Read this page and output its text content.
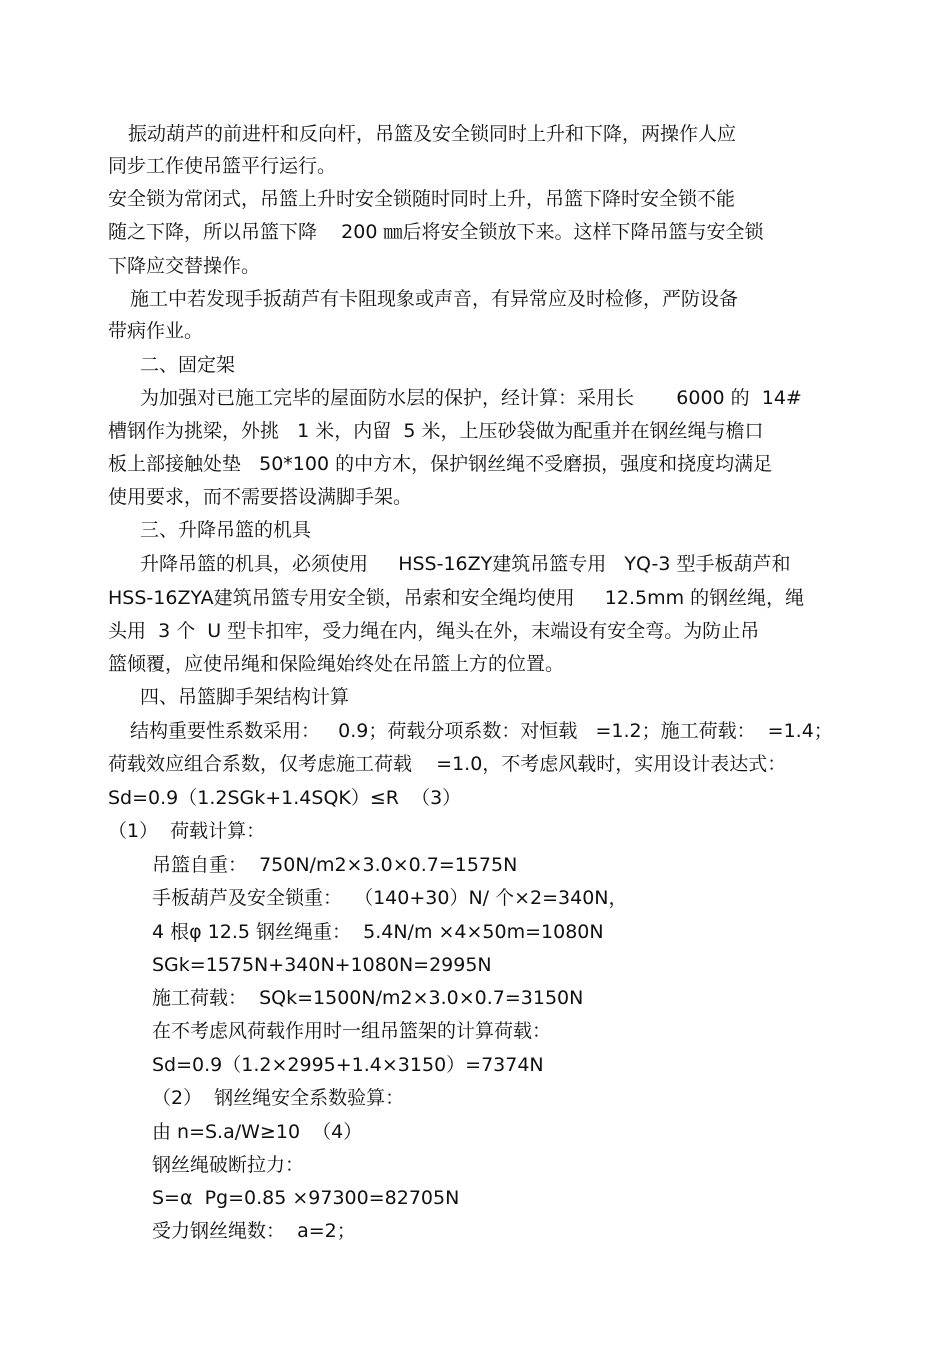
振动葫芦的前进杆和反向杆，吊篮及安全锁同时上升和下降，两操作人应
同步工作使吊篮平行运行。
安全锁为常闭式，吊篮上升时安全锁随时同时上升，吊篮下降时安全锁不能
随之下降，所以吊篮下降    200 ㎜后将安全锁放下来。这样下降吊篮与安全锁
下降应交替操作。
施工中若发现手扳葫芦有卡阻现象或声音，有异常应及时检修，严防设备
带病作业。
二、固定架
为加强对已施工完毕的屋面防水层的保护，经计算：采用长       6000 的  14#
槽钢作为挑梁，外挑   1 米，内留  5 米，上压砂袋做为配重并在钢丝绳与檐口
板上部接触处垫   50*100 的中方木，保护钢丝绳不受磨损，强度和挠度均满足
使用要求，而不需要搭设满脚手架。
三、升降吊篮的机具
升降吊篮的机具，必须使用     HSS-16ZY建筑吊篮专用   YQ-3 型手板葫芦和
HSS-16ZYA建筑吊篮专用安全锁，吊索和安全绳均使用     12.5mm 的钢丝绳，绳
头用  3 个  U 型卡扣牢，受力绳在内，绳头在外，末端设有安全弯。为防止吊
篮倾覆，应使吊绳和保险绳始终处在吊篮上方的位置。
四、吊篮脚手架结构计算
结构重要性系数采用：   0.9；荷载分项系数：对恒载   =1.2；施工荷载：  =1.4；
荷载效应组合系数，仅考虑施工荷载    =1.0，不考虑风载时，实用设计表达式：
Sd=0.9（1.2SGk+1.4SQK）≤R  （3）
（1）  荷载计算：
吊篮自重：  750N/m2×3.0×0.7=1575N
手板葫芦及安全锁重：  （140+30）N/ 个×2=340N，
4 根φ 12.5 钢丝绳重：  5.4N/m ×4×50m=1080N
SGk=1575N+340N+1080N=2995N
施工荷载：  SQk=1500N/m2×3.0×0.7=3150N
在不考虑风荷载作用时一组吊篮架的计算荷载：
Sd=0.9（1.2×2995+1.4×3150）=7374N
（2）  钢丝绳安全系数验算：
由 n=S.a/W≥10  （4）
钢丝绳破断拉力：
S=α  Pg=0.85 ×97300=82705N
受力钢丝绳数：  a=2；
